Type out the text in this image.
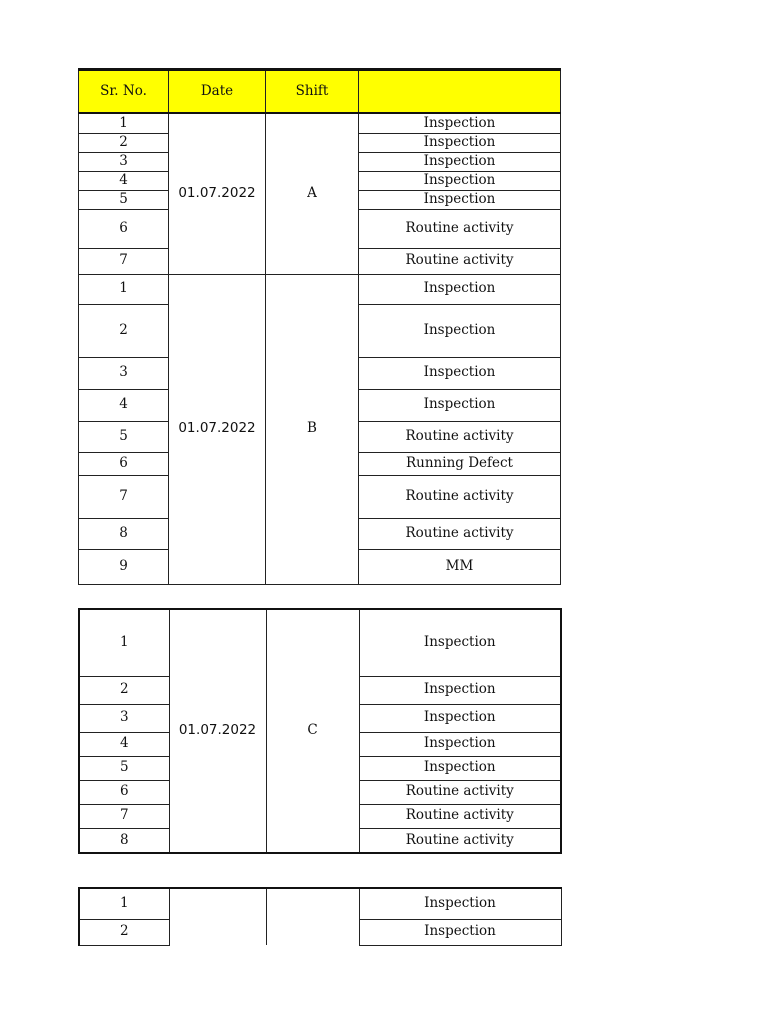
Sr. No.	Date	Shift	
1	01.07.2022	A	Inspection
2			Inspection
3			Inspection
4			Inspection
5			Inspection
6			Routine activity
7			Routine activity
1	01.07.2022	B	Inspection
2			Inspection
3			Inspection
4			Inspection
5			Routine activity
6			Running Defect
7			Routine activity
8			Routine activity
9			MM
1	01.07.2022	C	Inspection
2			Inspection
3			Inspection
4			Inspection
5			Inspection
6			Routine activity
7			Routine activity
8			Routine activity
1			Inspection
2			Inspection
